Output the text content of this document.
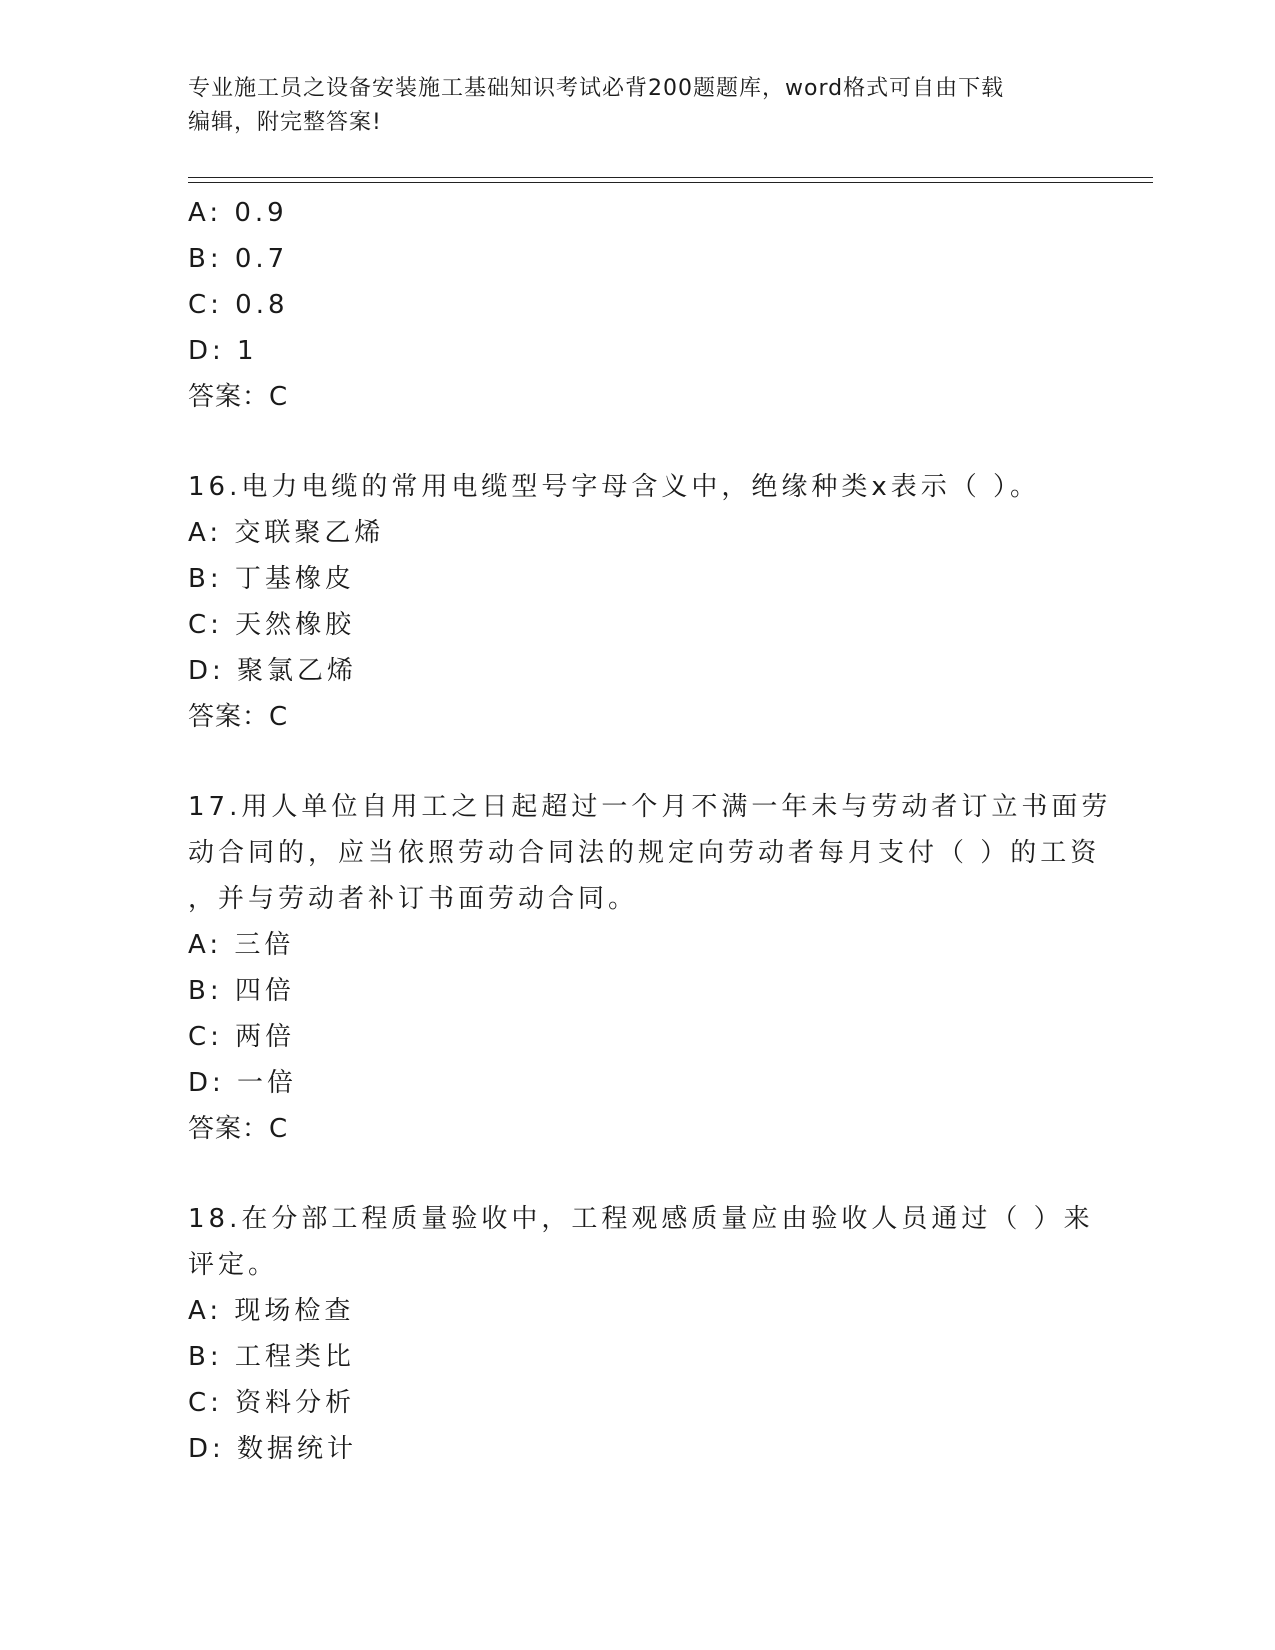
专业施工员之设备安装施工基础知识考试必背200题题库，word格式可自由下载
编辑，附完整答案!
A: 0.9
B: 0.7
C: 0.8
D: 1
答案：C
16.电力电缆的常用电缆型号字母含义中，绝缘种类x表示（ ）。
A: 交联聚乙烯
B: 丁基橡皮
C: 天然橡胶
D: 聚氯乙烯
答案：C
17.用人单位自用工之日起超过一个月不满一年未与劳动者订立书面劳
动合同的，应当依照劳动合同法的规定向劳动者每月支付（ ）的工资
，并与劳动者补订书面劳动合同。
A: 三倍
B: 四倍
C: 两倍
D: 一倍
答案：C
18.在分部工程质量验收中，工程观感质量应由验收人员通过（ ）来
评定。
A: 现场检查
B: 工程类比
C: 资料分析
D: 数据统计
